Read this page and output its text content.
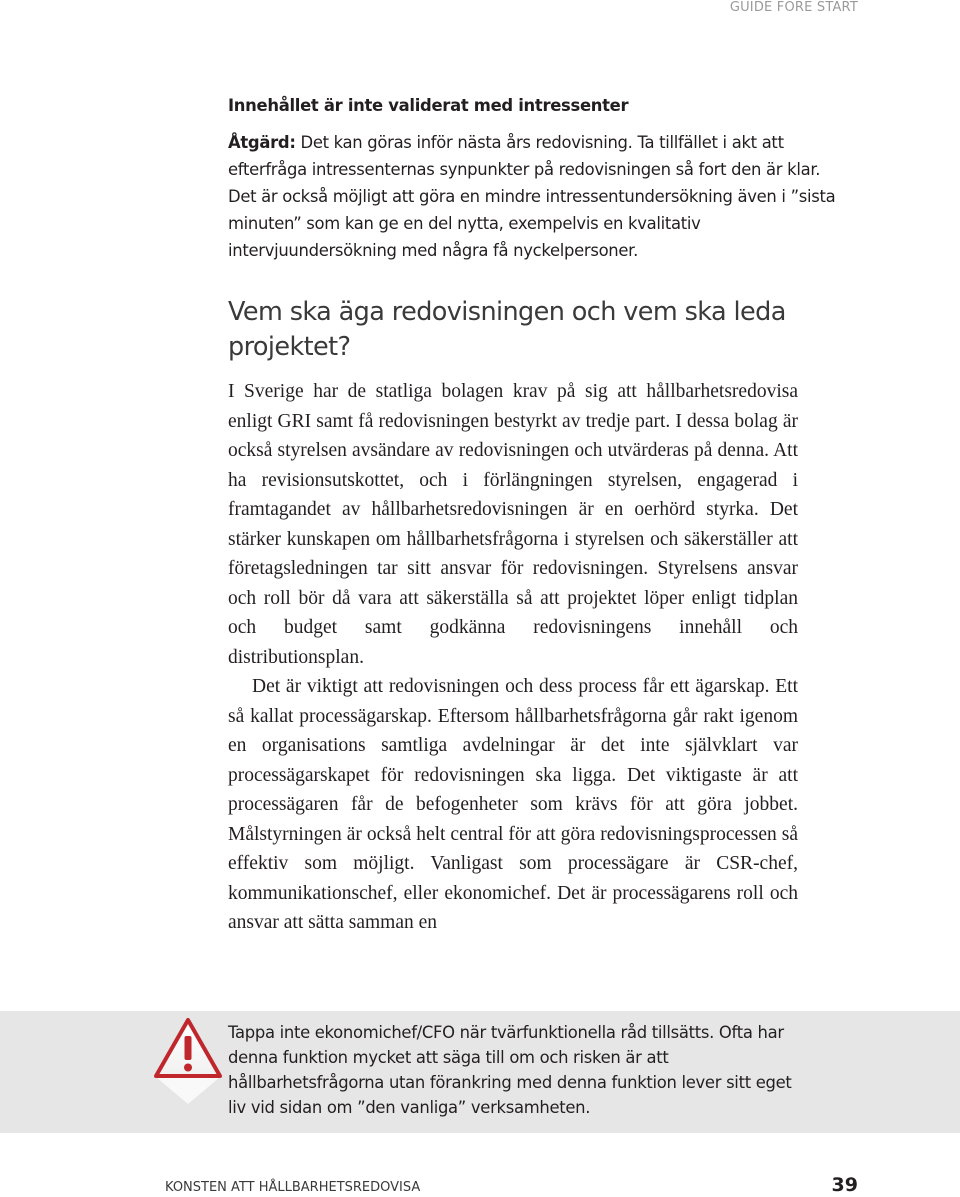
GUIDE FÖRE START

Innehållet är inte validerat med intressenter

Åtgärd: Det kan göras inför nästa års redovisning. Ta tillfället i akt att efterfråga intressenternas synpunkter på redovisningen så fort den är klar. Det är också möjligt att göra en mindre intressentundersökning även i ”sista minuten” som kan ge en del nytta, exempelvis en kvalitativ intervjuundersökning med några få nyckelpersoner.

Vem ska äga redovisningen och vem ska leda projektet?

I Sverige har de statliga bolagen krav på sig att hållbarhetsredovisa enligt GRI samt få redovisningen bestyrkt av tredje part. I dessa bolag är också styrelsen avsändare av redovisningen och utvärderas på denna. Att ha revisionsutskottet, och i förlängningen styrelsen, engagerad i framtagandet av hållbarhetsredovisningen är en oerhörd styrka. Det stärker kunskapen om hållbarhetsfrågorna i styrelsen och säkerställer att företagsledningen tar sitt ansvar för redovisningen. Styrelsens ansvar och roll bör då vara att säkerställa så att projektet löper enligt tidplan och budget samt godkänna redovisningens innehåll och distributionsplan.

Det är viktigt att redovisningen och dess process får ett ägarskap. Ett så kallat processägarskap. Eftersom hållbarhetsfrågorna går rakt igenom en organisations samtliga avdelningar är det inte självklart var processägarskapet för redovisningen ska ligga. Det viktigaste är att processägaren får de befogenheter som krävs för att göra jobbet. Målstyrningen är också helt central för att göra redovisningsprocessen så effektiv som möjligt. Vanligast som processägare är CSR-chef, kommunikationschef, eller ekonomichef. Det är processägarens roll och ansvar att sätta samman en

Tappa inte ekonomichef/CFO när tvärfunktionella råd tillsätts. Ofta har denna funktion mycket att säga till om och risken är att hållbarhetsfrågorna utan förankring med denna funktion lever sitt eget liv vid sidan om ”den vanliga” verksamheten.

KONSTEN ATT HÅLLBARHETSREDOVISA	39
